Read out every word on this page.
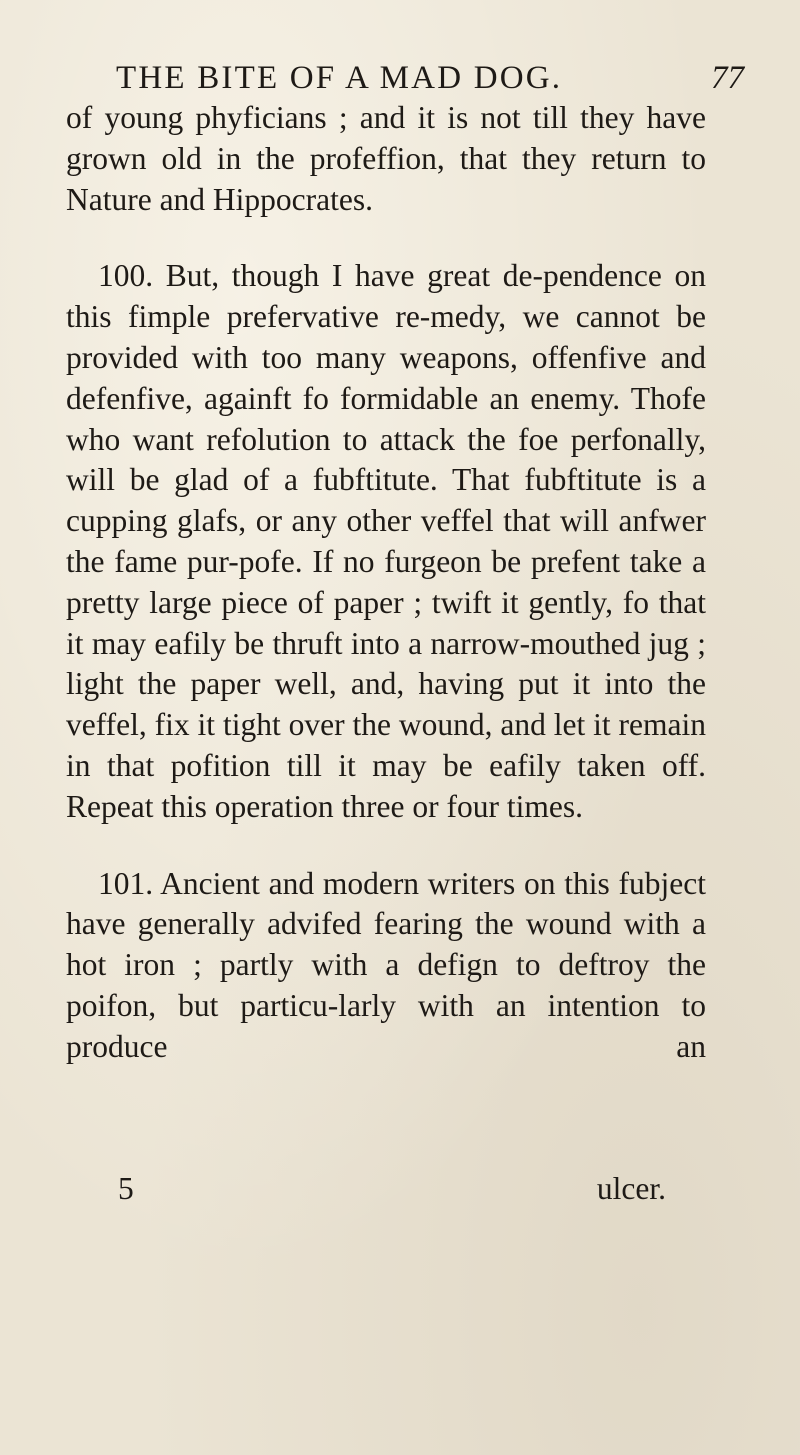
THE BITE OF A MAD DOG.	77

of young phyficians ; and it is not till they have grown old in the profeffion, that they return to Nature and Hippocrates.

100. But, though I have great de-pendence on this fimple prefervative re-medy, we cannot be provided with too many weapons, offenfive and defenfive, againft fo formidable an enemy. Thofe who want refolution to attack the foe perfonally, will be glad of a fubftitute. That fubftitute is a cupping glafs, or any other veffel that will anfwer the fame pur-pofe. If no furgeon be prefent take a pretty large piece of paper ; twift it gently, fo that it may eafily be thruft into a narrow-mouthed jug ; light the paper well, and, having put it into the veffel, fix it tight over the wound, and let it remain in that pofition till it may be eafily taken off. Repeat this operation three or four times.

101. Ancient and modern writers on this fubject have generally advifed fearing the wound with a hot iron ; partly with a defign to deftroy the poifon, but particu-larly with an intention to produce an

5	ulcer.
